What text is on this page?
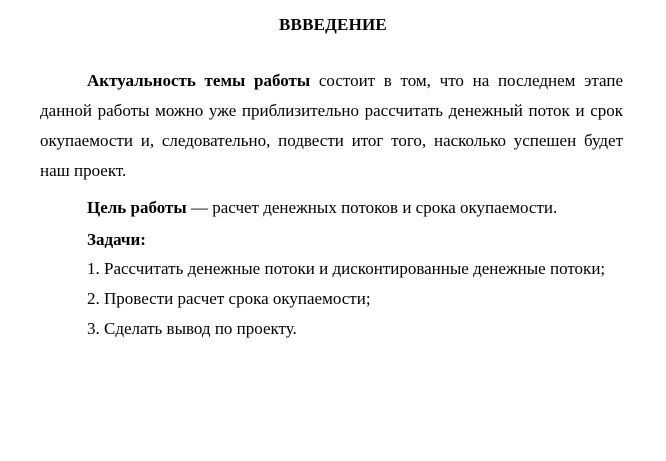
ВВВЕДЕНИЕ
Актуальность темы работы состоит в том, что на последнем этапе данной работы можно уже приблизительно рассчитать денежный поток и срок окупаемости и, следовательно, подвести итог того, насколько успешен будет наш проект.
Цель работы — расчет денежных потоков и срока окупаемости.
Задачи:
1. Рассчитать денежные потоки и дисконтированные денежные потоки;
2. Провести расчет срока окупаемости;
3. Сделать вывод по проекту.
